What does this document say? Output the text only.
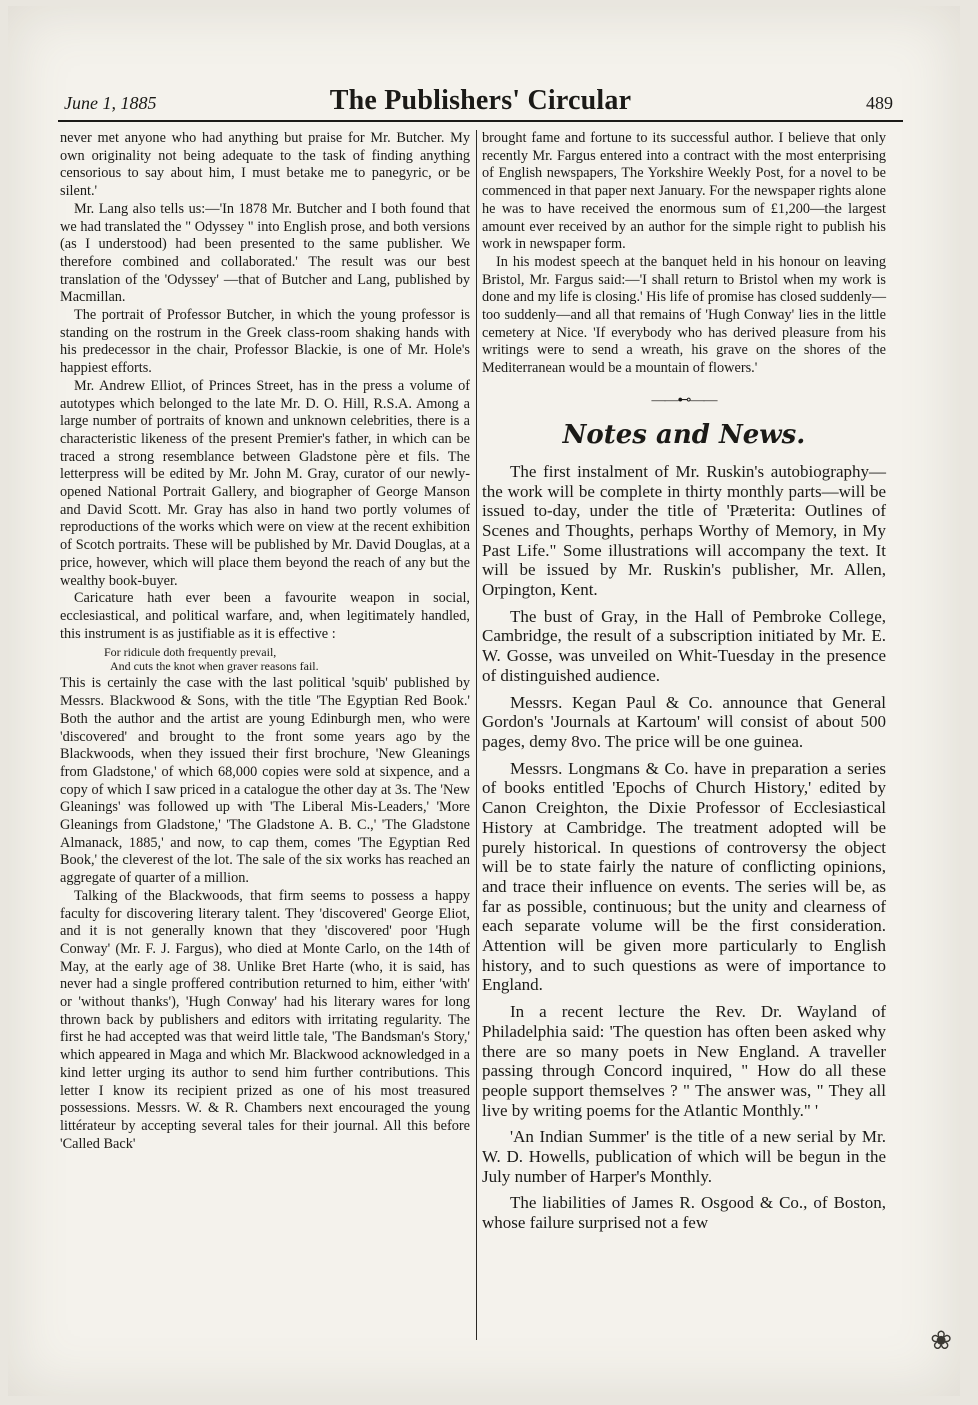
June 1, 1885	The Publishers' Circular	489

never met anyone who had anything but praise for Mr. Butcher. My own originality not being adequate to the task of finding anything censorious to say about him, I must betake me to panegyric, or be silent.'

Mr. Lang also tells us:—'In 1878 Mr. Butcher and I both found that we had translated the " Odyssey " into English prose, and both versions (as I understood) had been presented to the same publisher. We therefore combined and collaborated.' The result was our best translation of the 'Odyssey' —that of Butcher and Lang, published by Macmillan.

The portrait of Professor Butcher, in which the young professor is standing on the rostrum in the Greek class-room shaking hands with his predecessor in the chair, Professor Blackie, is one of Mr. Hole's happiest efforts.

Mr. Andrew Elliot, of Princes Street, has in the press a volume of autotypes which belonged to the late Mr. D. O. Hill, R.S.A. Among a large number of portraits of known and unknown celebrities, there is a characteristic likeness of the present Premier's father, in which can be traced a strong resemblance between Gladstone père et fils. The letterpress will be edited by Mr. John M. Gray, curator of our newly-opened National Portrait Gallery, and biographer of George Manson and David Scott. Mr. Gray has also in hand two portly volumes of reproductions of the works which were on view at the recent exhibition of Scotch portraits. These will be published by Mr. David Douglas, at a price, however, which will place them beyond the reach of any but the wealthy book-buyer.

Caricature hath ever been a favourite weapon in social, ecclesiastical, and political warfare, and, when legitimately handled, this instrument is as justifiable as it is effective :

For ridicule doth frequently prevail,
And cuts the knot when graver reasons fail.

This is certainly the case with the last political 'squib' published by Messrs. Blackwood & Sons, with the title 'The Egyptian Red Book.' Both the author and the artist are young Edinburgh men, who were 'discovered' and brought to the front some years ago by the Blackwoods, when they issued their first brochure, 'New Gleanings from Gladstone,' of which 68,000 copies were sold at sixpence, and a copy of which I saw priced in a catalogue the other day at 3s. The 'New Gleanings' was followed up with 'The Liberal Mis-Leaders,' 'More Gleanings from Gladstone,' 'The Gladstone A. B. C.,' 'The Gladstone Almanack, 1885,' and now, to cap them, comes 'The Egyptian Red Book,' the cleverest of the lot. The sale of the six works has reached an aggregate of quarter of a million.

Talking of the Blackwoods, that firm seems to possess a happy faculty for discovering literary talent. They 'discovered' George Eliot, and it is not generally known that they 'discovered' poor 'Hugh Conway' (Mr. F. J. Fargus), who died at Monte Carlo, on the 14th of May, at the early age of 38. Unlike Bret Harte (who, it is said, has never had a single proffered contribution returned to him, either 'with' or 'without thanks'), 'Hugh Conway' had his literary wares for long thrown back by publishers and editors with irritating regularity. The first he had accepted was that weird little tale, 'The Bandsman's Story,' which appeared in Maga and which Mr. Blackwood acknowledged in a kind letter urging its author to send him further contributions. This letter I know its recipient prized as one of his most treasured possessions. Messrs. W. & R. Chambers next encouraged the young littérateur by accepting several tales for their journal. All this before 'Called Back'

brought fame and fortune to its successful author. I believe that only recently Mr. Fargus entered into a contract with the most enterprising of English newspapers, The Yorkshire Weekly Post, for a novel to be commenced in that paper next January. For the newspaper rights alone he was to have received the enormous sum of £1,200—the largest amount ever received by an author for the simple right to publish his work in newspaper form.

In his modest speech at the banquet held in his honour on leaving Bristol, Mr. Fargus said:—'I shall return to Bristol when my work is done and my life is closing.' His life of promise has closed suddenly—too suddenly—and all that remains of 'Hugh Conway' lies in the little cemetery at Nice. 'If everybody who has derived pleasure from his writings were to send a wreath, his grave on the shores of the Mediterranean would be a mountain of flowers.'

——⊷——
Notes and News.

The first instalment of Mr. Ruskin's autobiography—the work will be complete in thirty monthly parts—will be issued to-day, under the title of 'Præterita: Outlines of Scenes and Thoughts, perhaps Worthy of Memory, in My Past Life." Some illustrations will accompany the text. It will be issued by Mr. Ruskin's publisher, Mr. Allen, Orpington, Kent.

The bust of Gray, in the Hall of Pembroke College, Cambridge, the result of a subscription initiated by Mr. E. W. Gosse, was unveiled on Whit-Tuesday in the presence of distinguished audience.

Messrs. Kegan Paul & Co. announce that General Gordon's 'Journals at Kartoum' will consist of about 500 pages, demy 8vo. The price will be one guinea.

Messrs. Longmans & Co. have in preparation a series of books entitled 'Epochs of Church History,' edited by Canon Creighton, the Dixie Professor of Ecclesiastical History at Cambridge. The treatment adopted will be purely historical. In questions of controversy the object will be to state fairly the nature of conflicting opinions, and trace their influence on events. The series will be, as far as possible, continuous; but the unity and clearness of each separate volume will be the first consideration. Attention will be given more particularly to English history, and to such questions as were of importance to England.

In a recent lecture the Rev. Dr. Wayland of Philadelphia said: 'The question has often been asked why there are so many poets in New England. A traveller passing through Concord inquired, " How do all these people support themselves ? " The answer was, " They all live by writing poems for the Atlantic Monthly." '

'An Indian Summer' is the title of a new serial by Mr. W. D. Howells, publication of which will be begun in the July number of Harper's Monthly.

The liabilities of James R. Osgood & Co., of Boston, whose failure surprised not a few

❀
